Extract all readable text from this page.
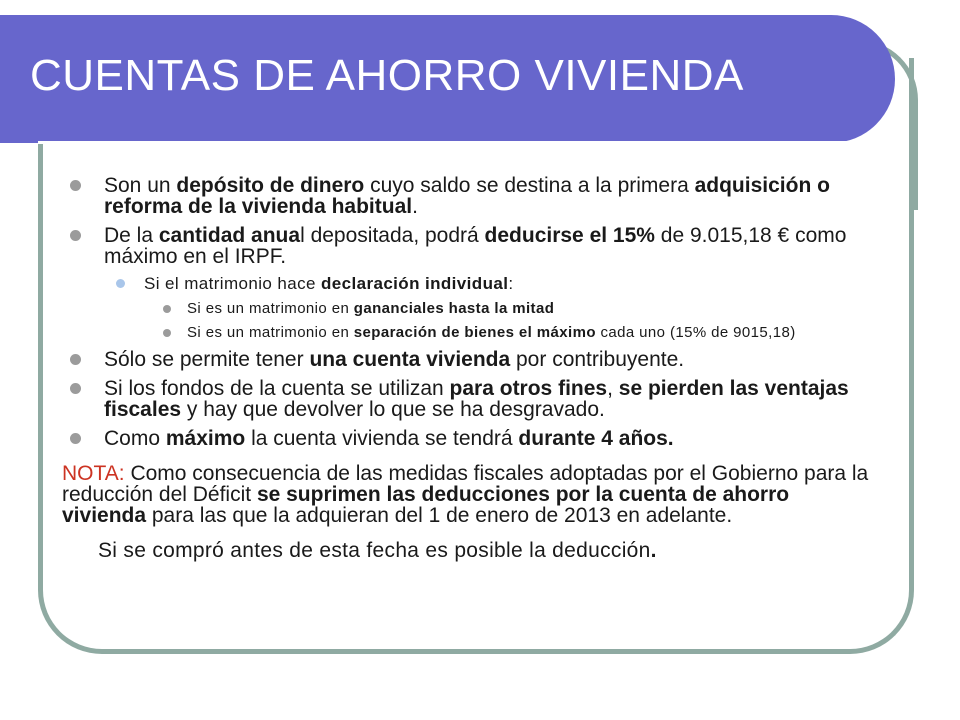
CUENTAS DE AHORRO VIVIENDA
Son un depósito de dinero cuyo saldo se destina a la primera adquisición o reforma de la vivienda habitual.
De la cantidad anual depositada, podrá deducirse el 15% de 9.015,18 € como máximo en el IRPF.
Si el matrimonio hace declaración individual:
Si es un matrimonio en gananciales hasta la mitad
Si es un matrimonio en separación de bienes el máximo cada uno (15% de 9015,18)
Sólo se permite tener una cuenta vivienda por contribuyente.
Si los fondos de la cuenta se utilizan para otros fines, se pierden las ventajas fiscales y hay que devolver lo que se ha desgravado.
Como máximo la cuenta vivienda se tendrá durante 4 años.
NOTA: Como consecuencia de las medidas fiscales adoptadas por el Gobierno para la reducción del Déficit se suprimen las deducciones por la cuenta de ahorro vivienda para las que la adquieran del 1 de enero de 2013 en adelante.
Si se compró antes de esta fecha es posible la deducción.
